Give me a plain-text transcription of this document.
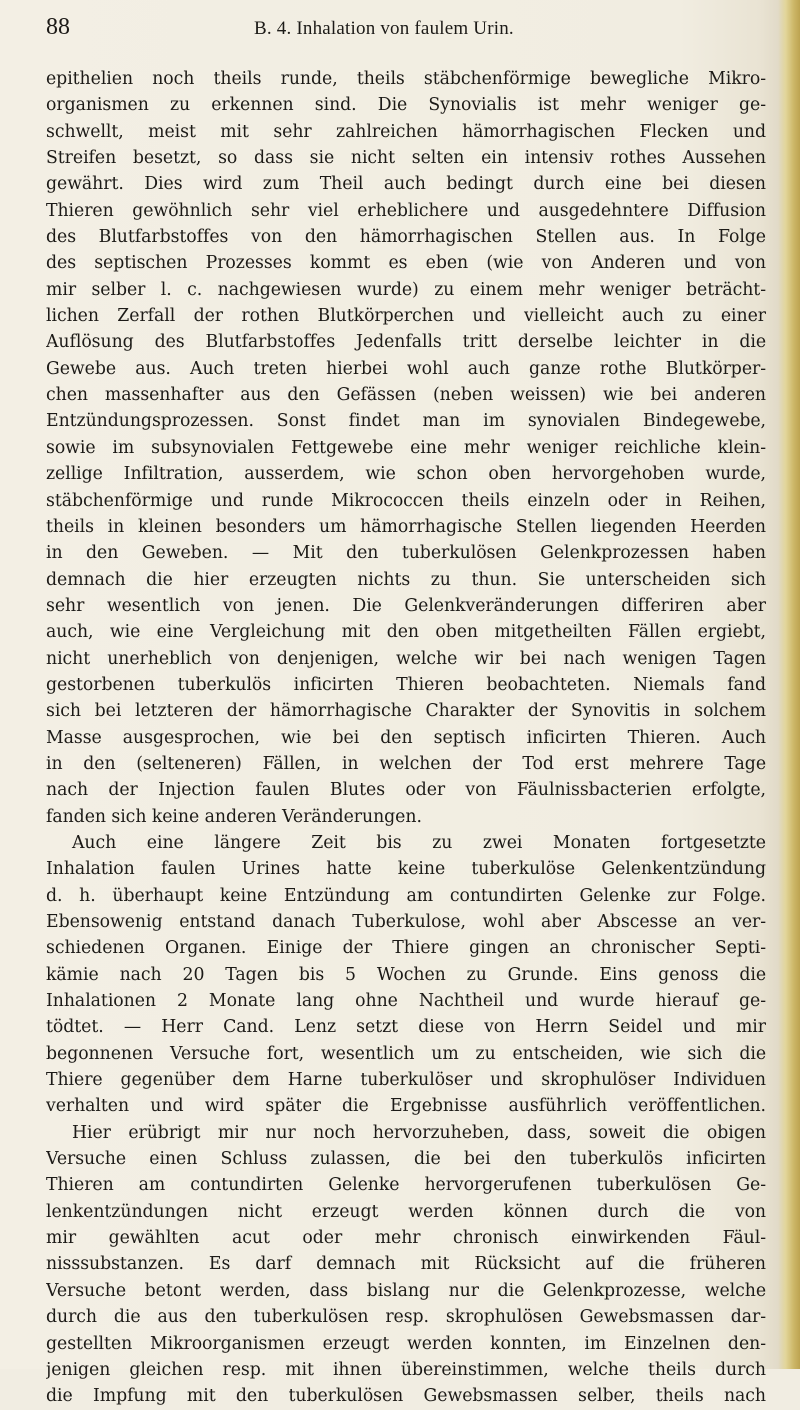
88	B. 4. Inhalation von faulem Urin.
epithelien noch theils runde, theils stäbchenförmige bewegliche Mikro-
organismen zu erkennen sind. Die Synovialis ist mehr weniger ge-
schwellt, meist mit sehr zahlreichen hämorrhagischen Flecken und
Streifen besetzt, so dass sie nicht selten ein intensiv rothes Aussehen
gewährt. Dies wird zum Theil auch bedingt durch eine bei diesen
Thieren gewöhnlich sehr viel erheblichere und ausgedehntere Diffusion
des Blutfarbstoffes von den hämorrhagischen Stellen aus. In Folge
des septischen Prozesses kommt es eben (wie von Anderen und von
mir selber l. c. nachgewiesen wurde) zu einem mehr weniger beträcht-
lichen Zerfall der rothen Blutkörperchen und vielleicht auch zu einer
Auflösung des Blutfarbstoffes Jedenfalls tritt derselbe leichter in die
Gewebe aus. Auch treten hierbei wohl auch ganze rothe Blutkörper-
chen massenhafter aus den Gefässen (neben weissen) wie bei anderen
Entzündungsprozessen. Sonst findet man im synovialen Bindegewebe,
sowie im subsynovialen Fettgewebe eine mehr weniger reichliche klein-
zellige Infiltration, ausserdem, wie schon oben hervorgehoben wurde,
stäbchenförmige und runde Mikrococcen theils einzeln oder in Reihen,
theils in kleinen besonders um hämorrhagische Stellen liegenden Heerden
in den Geweben. — Mit den tuberkulösen Gelenkprozessen haben
demnach die hier erzeugten nichts zu thun. Sie unterscheiden sich
sehr wesentlich von jenen. Die Gelenkveränderungen differiren aber
auch, wie eine Vergleichung mit den oben mitgetheilten Fällen ergiebt,
nicht unerheblich von denjenigen, welche wir bei nach wenigen Tagen
gestorbenen tuberkulös inficirten Thieren beobachteten. Niemals fand
sich bei letzteren der hämorrhagische Charakter der Synovitis in solchem
Masse ausgesprochen, wie bei den septisch inficirten Thieren. Auch
in den (selteneren) Fällen, in welchen der Tod erst mehrere Tage
nach der Injection faulen Blutes oder von Fäulnissbacterien erfolgte,
fanden sich keine anderen Veränderungen.
Auch eine längere Zeit bis zu zwei Monaten fortgesetzte
Inhalation faulen Urines hatte keine tuberkulöse Gelenkentzündung
d. h. überhaupt keine Entzündung am contundirten Gelenke zur Folge.
Ebensowenig entstand danach Tuberkulose, wohl aber Abscesse an ver-
schiedenen Organen. Einige der Thiere gingen an chronischer Septi-
kämie nach 20 Tagen bis 5 Wochen zu Grunde. Eins genoss die
Inhalationen 2 Monate lang ohne Nachtheil und wurde hierauf ge-
tödtet. — Herr Cand. Lenz setzt diese von Herrn Seidel und mir
begonnenen Versuche fort, wesentlich um zu entscheiden, wie sich die
Thiere gegenüber dem Harne tuberkulöser und skrophulöser Individuen
verhalten und wird später die Ergebnisse ausführlich veröffentlichen.
Hier erübrigt mir nur noch hervorzuheben, dass, soweit die obigen
Versuche einen Schluss zulassen, die bei den tuberkulös inficirten
Thieren am contundirten Gelenke hervorgerufenen tuberkulösen Ge-
lenkentzündungen nicht erzeugt werden können durch die von
mir gewählten acut oder mehr chronisch einwirkenden Fäul-
nisssubstanzen. Es darf demnach mit Rücksicht auf die früheren
Versuche betont werden, dass bislang nur die Gelenkprozesse, welche
durch die aus den tuberkulösen resp. skrophulösen Gewebsmassen dar-
gestellten Mikroorganismen erzeugt werden konnten, im Einzelnen den-
jenigen gleichen resp. mit ihnen übereinstimmen, welche theils durch
die Impfung mit den tuberkulösen Gewebsmassen selber, theils nach
